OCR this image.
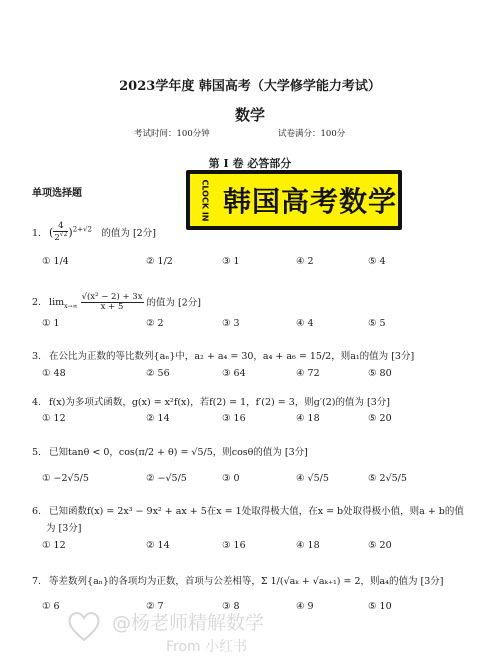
2023学年度 韩国高考（大学修学能力考试）
数学
考试时间：100分钟	试卷满分：100分
第 Ⅰ 卷 必答部分
单项选择题	CLOCK IN 韩国高考数学
1. ( $\frac{4}{2^{√2}} )^{2+√2}$ 的值为 [2分]
① 1/4	② 1/2	③ 1	④ 2	⑤ 4
2. $\lim_{x\to\infty} \frac{\text{√(x² − 2) + 3x}}{x + 5}$ 的值为 [2分]
① 1	② 2	③ 3	④ 4	⑤ 5
3. 在公比为正数的等比数列{aₙ}中，a₂ + a₄ = 30，a₄ + a₆ = 15/2，则a₁的值为 [3分]
① 48	② 56	③ 64	④ 72	⑤ 80
4. f(x)为多项式函数，g(x) = x²f(x)，若f(2) = 1，f′(2) = 3，则g′(2)的值为 [3分]
① 12	② 14	③ 16	④ 18	⑤ 20
5. 已知tanθ < 0，cos(π/2 + θ) = √5/5，则cosθ的值为 [3分]
① −2√5/5	② −√5/5	③ 0	④ √5/5	⑤ 2√5/5
6. 已知函数f(x) = 2x³ − 9x² + ax + 5在x = 1处取得极大值，在x = b处取得极小值，则a + b的值
为 [3分]
① 12	② 14	③ 16	④ 18	⑤ 20
7. 等差数列{aₙ}的各项均为正数，首项与公差相等，Σ 1/(√aₖ + √aₖ₊₁) = 2，则a₄的值为 [3分]
① 6	② 7	③ 8	④ 9	⑤ 10
@杨老师精解数学
From 小红书
